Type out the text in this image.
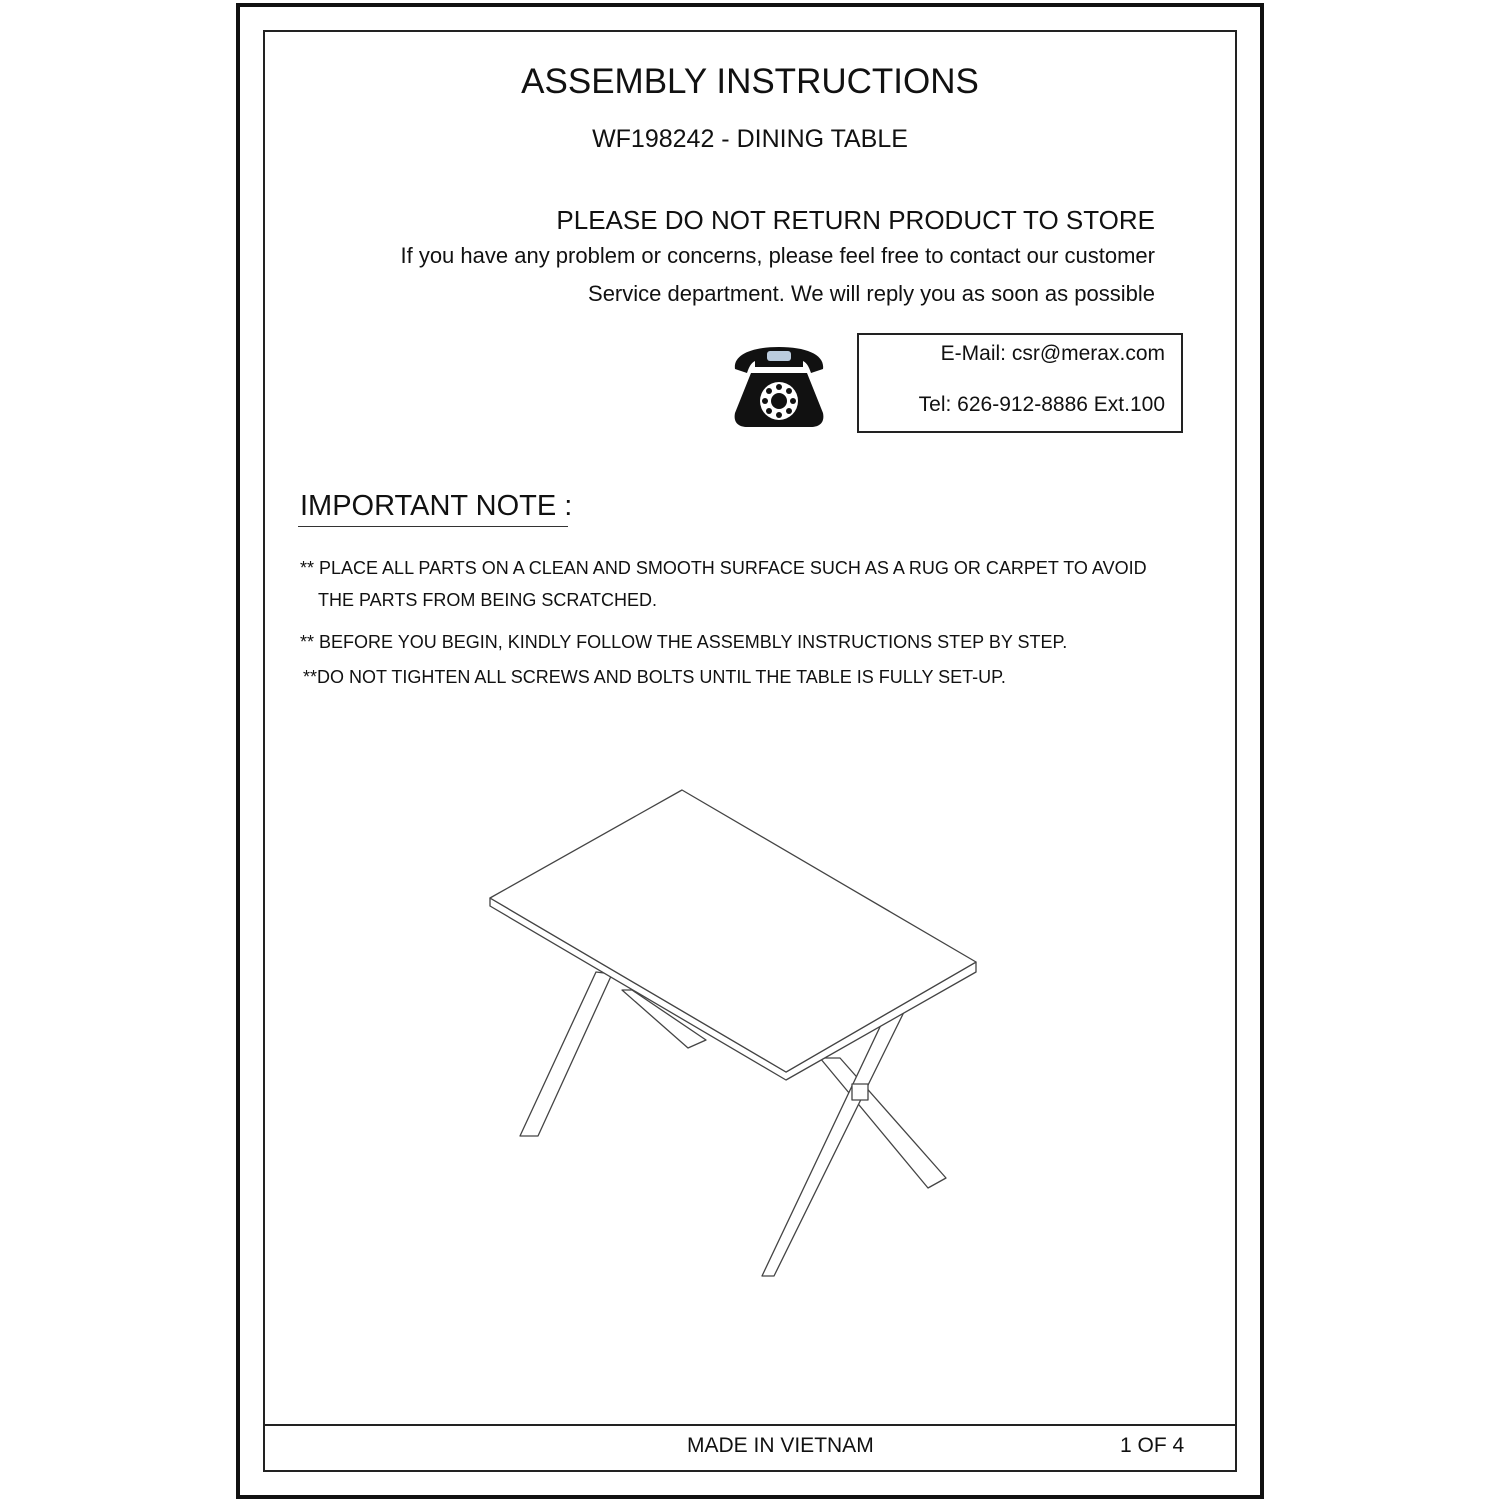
ASSEMBLY INSTRUCTIONS
WF198242 - DINING TABLE
PLEASE DO NOT RETURN PRODUCT TO STORE
If you have any problem or concerns, please feel free to contact our customer
Service department. We will reply you as soon as possible
E-Mail: csr@merax.com
Tel: 626-912-8886 Ext.100
IMPORTANT NOTE :
** PLACE ALL PARTS ON A CLEAN AND SMOOTH SURFACE SUCH AS A RUG OR CARPET TO AVOID
THE PARTS FROM BEING SCRATCHED.
** BEFORE YOU BEGIN, KINDLY FOLLOW THE ASSEMBLY INSTRUCTIONS STEP BY STEP.
**DO NOT TIGHTEN ALL SCREWS AND BOLTS UNTIL THE TABLE IS FULLY SET-UP.
MADE IN VIETNAM	1 OF 4
